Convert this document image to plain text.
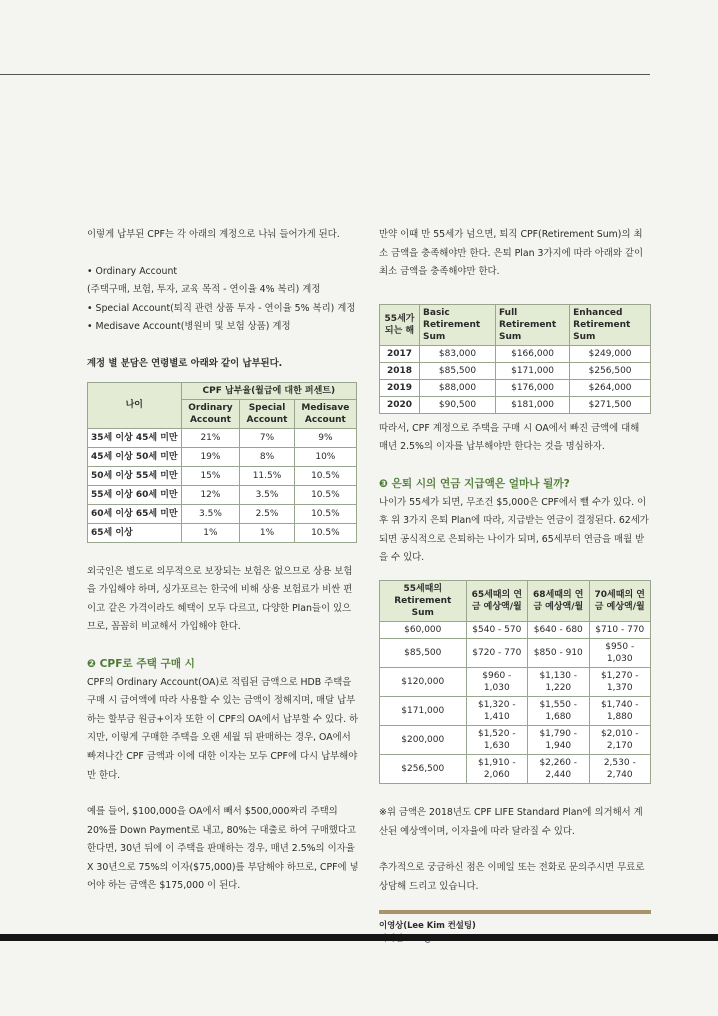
이렇게 납부된 CPF는 각 아래의 계정으로 나눠 들어가게 된다.

• Ordinary Account

(주택구매, 보험, 투자, 교육 목적 - 연이율 4% 복리) 계정

• Special Account(퇴직 관련 상품 투자 - 연이율 5% 복리) 계정

• Medisave Account(병원비 및 보험 상품) 계정

계정 별 분담은 연령별로 아래와 같이 납부된다.

나이	CPF 납부율(월급에 대한 퍼센트)		
	Ordinary Account	Special Account	Medisave Account
35세 이상 45세 미만	21%	7%	9%
45세 이상 50세 미만	19%	8%	10%
50세 이상 55세 미만	15%	11.5%	10.5%
55세 이상 60세 미만	12%	3.5%	10.5%
60세 이상 65세 미만	3.5%	2.5%	10.5%
65세 이상	1%	1%	10.5%

외국인은 별도로 의무적으로 보장되는 보험은 없으므로 상용 보험을 가입해야 하며, 싱가포르는 한국에 비해 상용 보험료가 비싼 편이고 같은 가격이라도 혜택이 모두 다르고, 다양한 Plan들이 있으므로, 꼼꼼히 비교해서 가입해야 한다.

❷ CPF로 주택 구매 시

CPF의 Ordinary Account(OA)로 적립된 금액으로 HDB 주택을 구매 시 급여액에 따라 사용할 수 있는 금액이 정해지며, 매달 납부하는 할부금 원금+이자 또한 이 CPF의 OA에서 납부할 수 있다. 하지만, 이렇게 구매한 주택을 오랜 세월 뒤 판매하는 경우, OA에서 빠져나간 CPF 금액과 이에 대한 이자는 모두 CPF에 다시 납부해야만 한다.

예를 들어, $100,000을 OA에서 빼서 $500,000짜리 주택의 20%를 Down Payment로 내고, 80%는 대출로 하여 구매했다고 한다면, 30년 뒤에 이 주택을 판매하는 경우, 매년 2.5%의 이자율 X 30년으로 75%의 이자($75,000)를 부담해야 하므로, CPF에 넣어야 하는 금액은 $175,000 이 된다.

만약 이때 만 55세가 넘으면, 퇴직 CPF(Retirement Sum)의 최소 금액을 충족해야만 한다. 은퇴 Plan 3가지에 따라 아래와 같이 최소 금액을 충족해야만 한다.

55세가 되는 해	Basic Retirement Sum	Full Retirement Sum	Enhanced Retirement Sum
2017	$83,000	$166,000	$249,000
2018	$85,500	$171,000	$256,500
2019	$88,000	$176,000	$264,000
2020	$90,500	$181,000	$271,500

따라서, CPF 계정으로 주택을 구매 시 OA에서 빠진 금액에 대해 매년 2.5%의 이자를 납부해야만 한다는 것을 명심하자.

❸ 은퇴 시의 연금 지급액은 얼마나 될까?

나이가 55세가 되면, 무조건 $5,000은 CPF에서 뺄 수가 있다. 이후 위 3가지 은퇴 Plan에 따라, 지급받는 연금이 결정된다. 62세가 되면 공식적으로 은퇴하는 나이가 되며, 65세부터 연금을 매월 받을 수 있다.

55세때의 Retirement Sum	65세때의 연금 예상액/월	68세때의 연금 예상액/월	70세때의 연금 예상액/월
$60,000	$540 - 570	$640 - 680	$710 - 770
$85,500	$720 - 770	$850 - 910	$950 - 1,030
$120,000	$960 - 1,030	$1,130 - 1,220	$1,270 - 1,370
$171,000	$1,320 - 1,410	$1,550 - 1,680	$1,740 - 1,880
$200,000	$1,520 - 1,630	$1,790 - 1,940	$2,010 - 2,170
$256,500	$1,910 - 2,060	$2,260 - 2,440	2,530 - 2,740

※위 금액은 2018년도 CPF LIFE Standard Plan에 의거해서 계산된 예상액이며, 이자율에 따라 달라질 수 있다.

추가적으로 궁금하신 점은 이메일 또는 전화로 문의주시면 무료로 상담해 드리고 있습니다.

이영상(Lee Kim 컨설팅)
